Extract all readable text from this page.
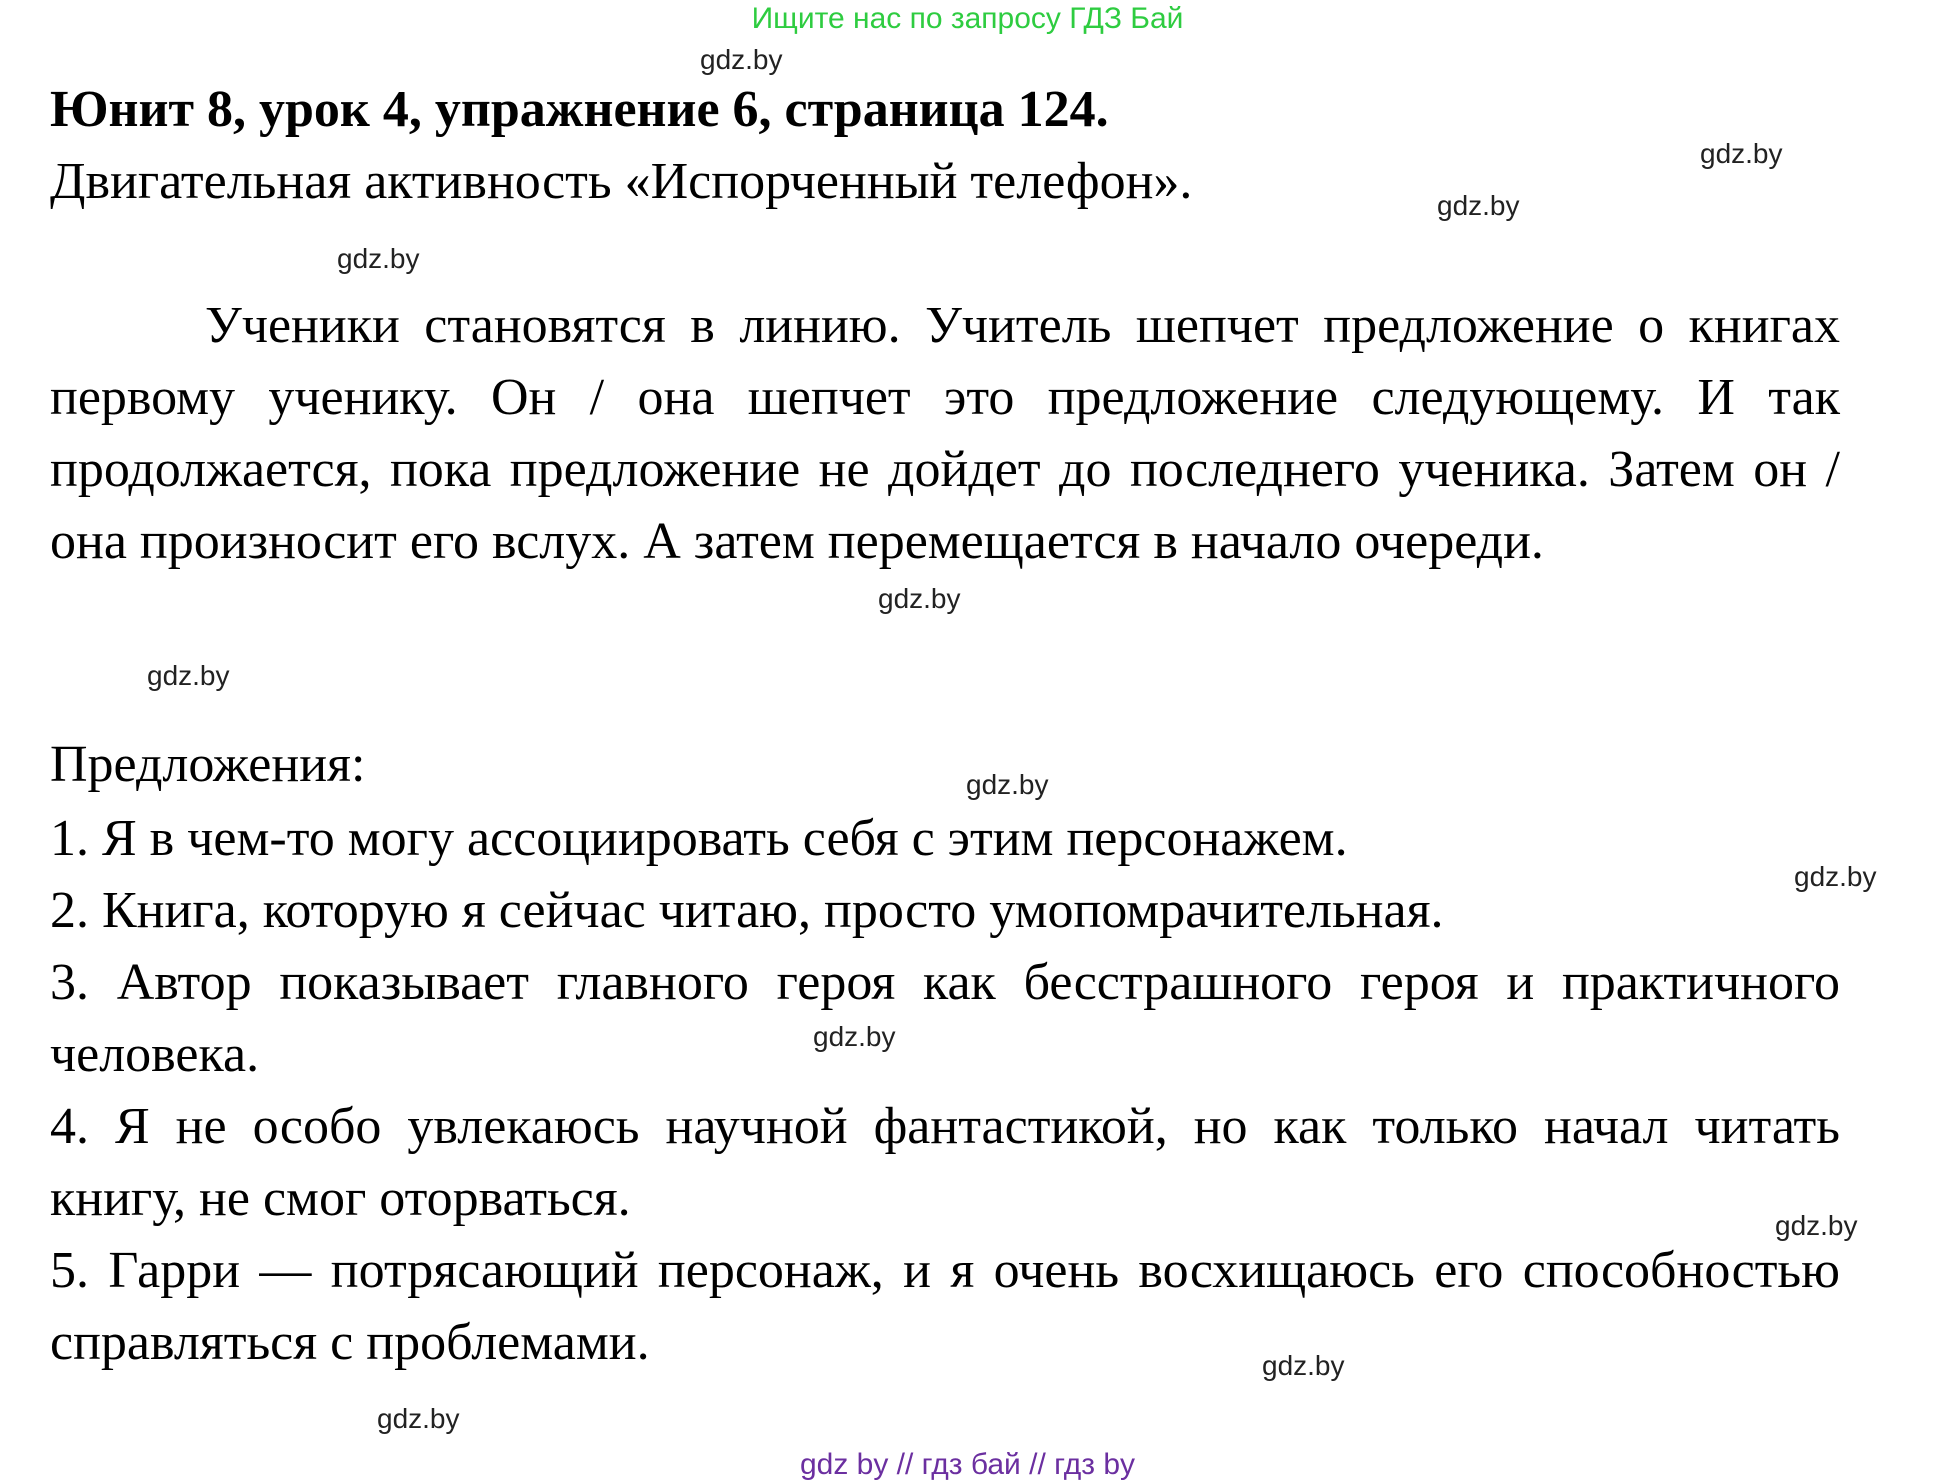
Ищите нас по запросу ГДЗ Бай
gdz.by
Юнит 8, урок 4, упражнение 6, страница 124.
gdz.by
Двигательная активность «Испорченный телефон».	gdz.by
gdz.by
Ученики становятся в линию. Учитель шепчет предложение о книгах первому ученику. Он / она шепчет это предложение следующему. И так продолжается, пока предложение не дойдет до последнего ученика. Затем он / она произносит его вслух. А затем перемещается в начало очереди.
gdz.by
gdz.by
Предложения:	gdz.by
1. Я в чем-то могу ассоциировать себя с этим персонажем.
2. Книга, которую я сейчас читаю, просто умопомрачительная.
3. Автор показывает главного героя как бесстрашного героя и практичного человека.
4. Я не особо увлекаюсь научной фантастикой, но как только начал читать книгу, не смог оторваться.
5. Гарри — потрясающий персонаж, и я очень восхищаюсь его способностью справляться с проблемами.
gdz.by
gdz.by
gdz.by
gdz.by
gdz.by
gdz by // гдз бай // гдз by
